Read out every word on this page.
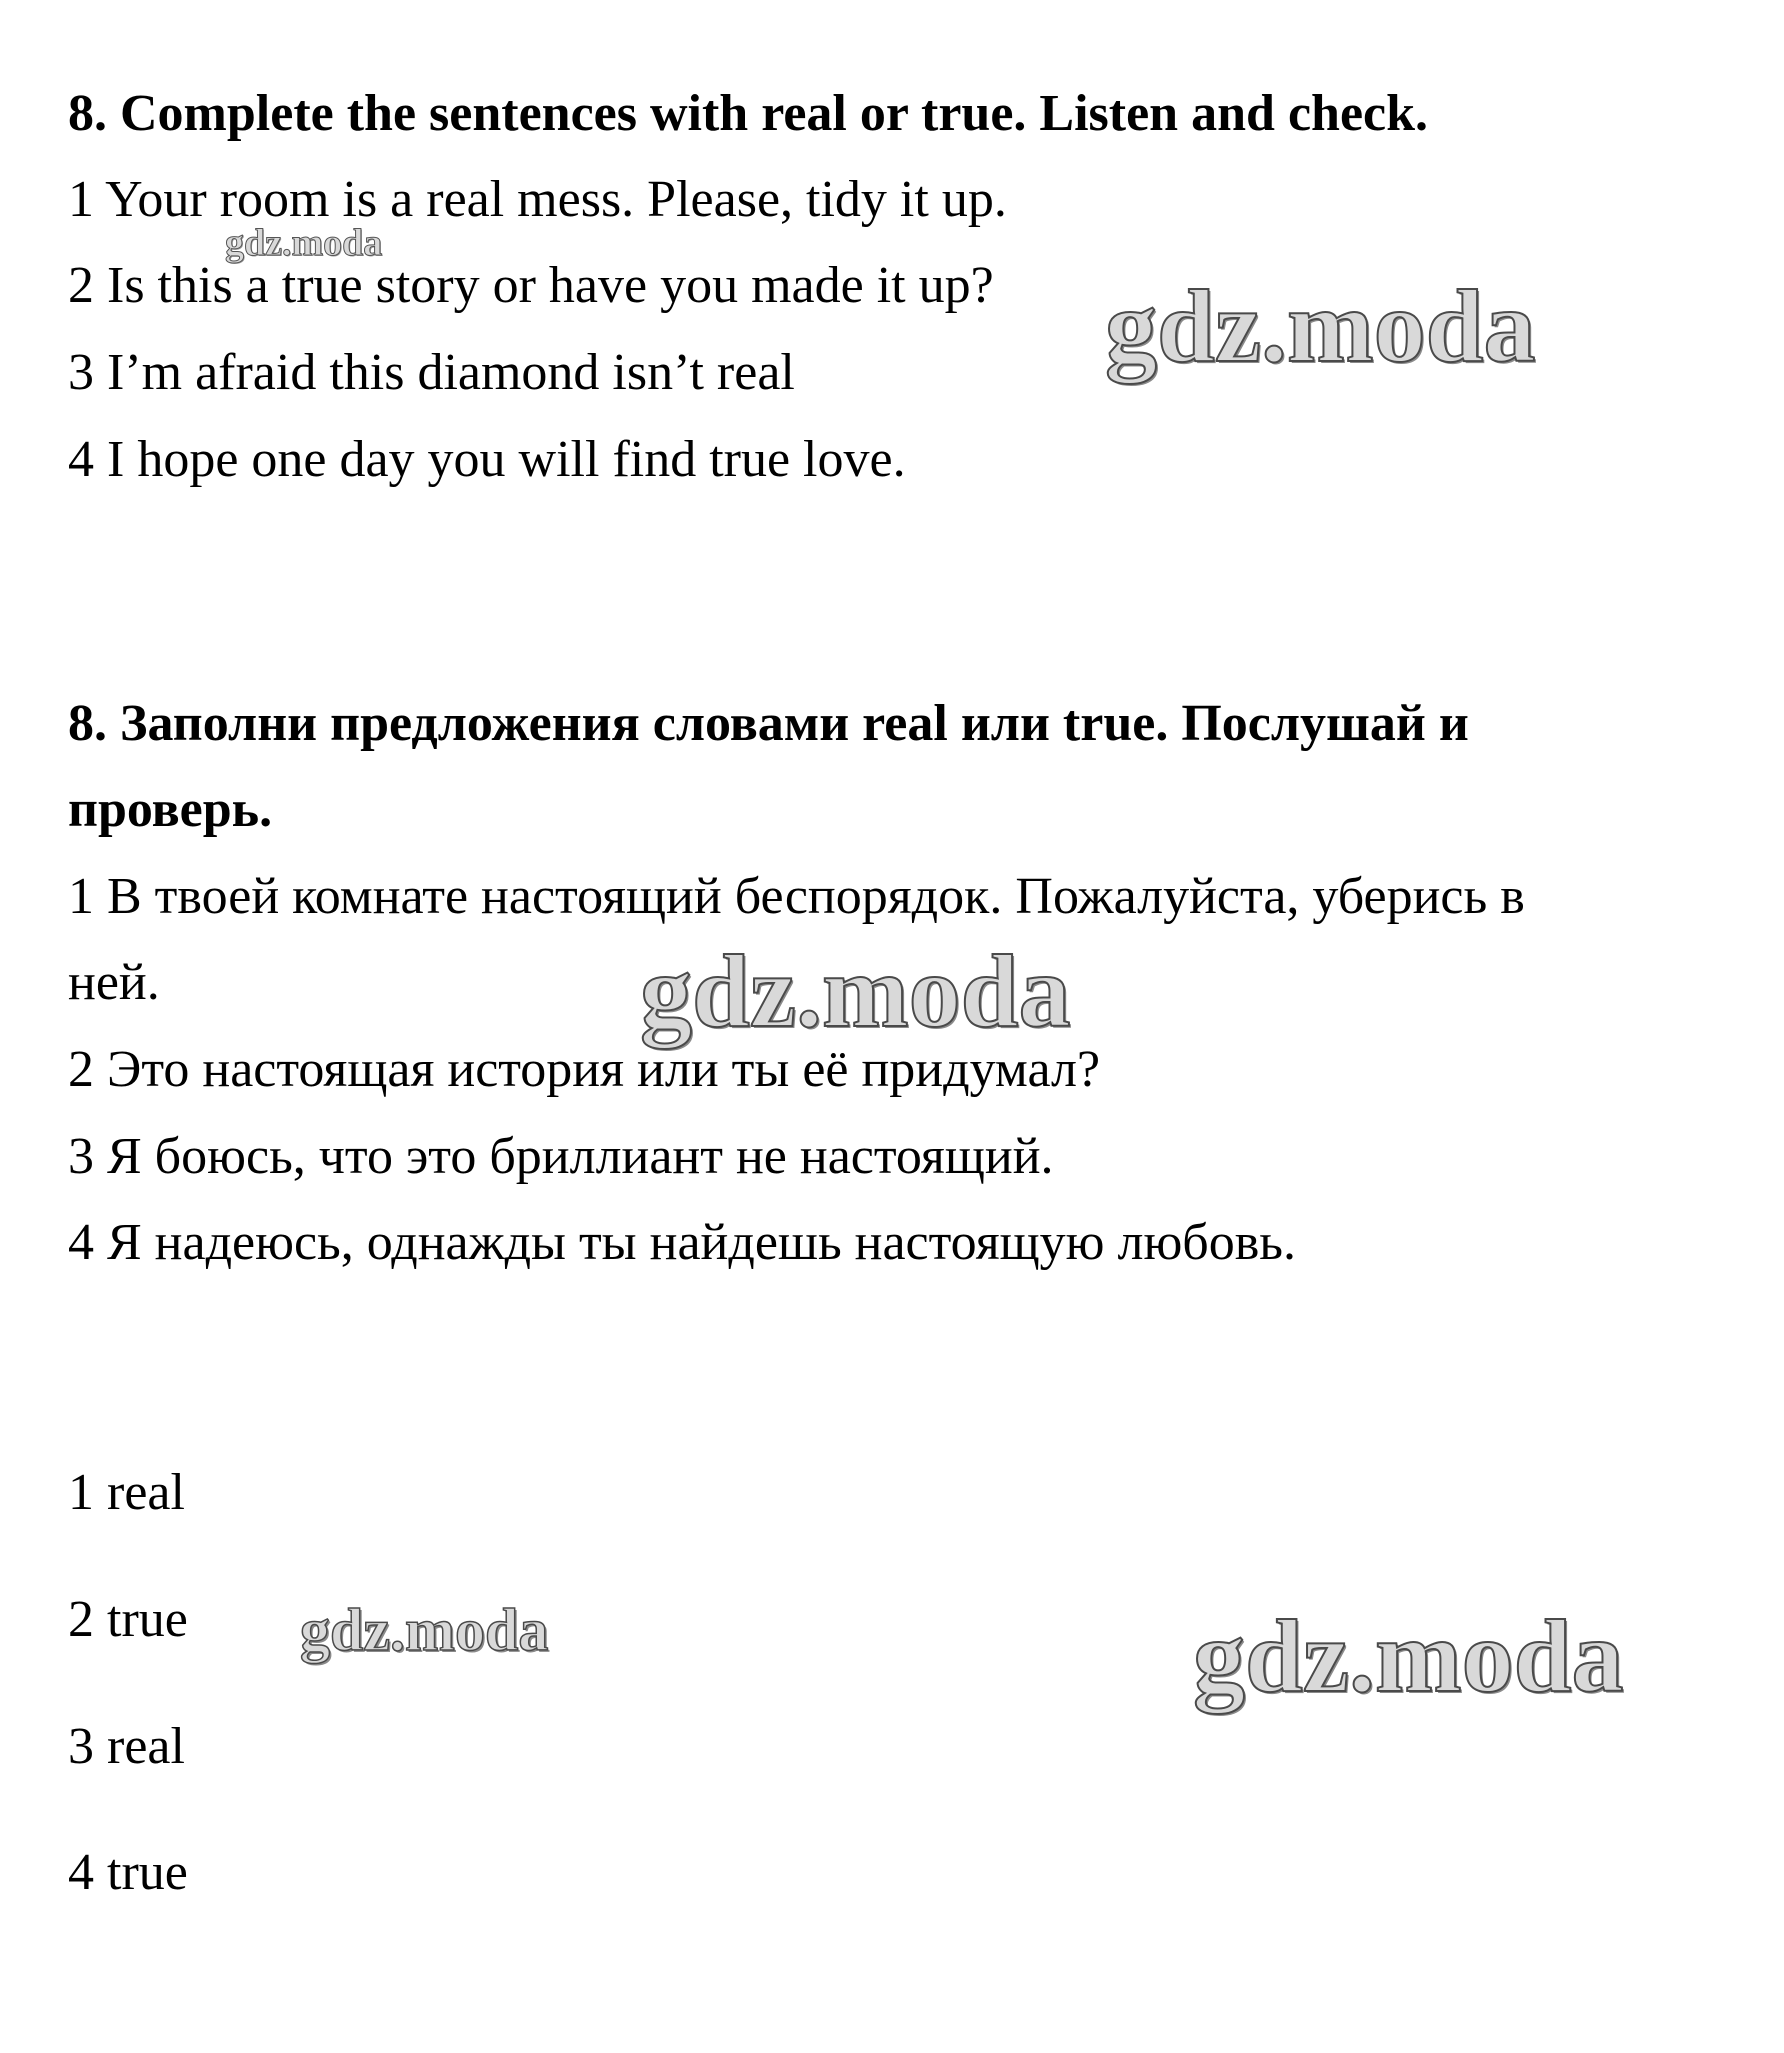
8. Complete the sentences with real or true. Listen and check.
1 Your room is a real mess. Please, tidy it up.
2 Is this a true story or have you made it up?
3 I’m afraid this diamond isn’t real
4 I hope one day you will find true love.
8. Заполни предложения словами real или true. Послушай и
проверь.
1 В твоей комнате настоящий беспорядок. Пожалуйста, уберись в
ней.
2 Это настоящая история или ты её придумал?
3 Я боюсь, что это бриллиант не настоящий.
4 Я надеюсь, однажды ты найдешь настоящую любовь.
1 real
2 true
3 real
4 true
gdz.moda
gdz.moda
gdz.moda
gdz.moda	gdz.moda
